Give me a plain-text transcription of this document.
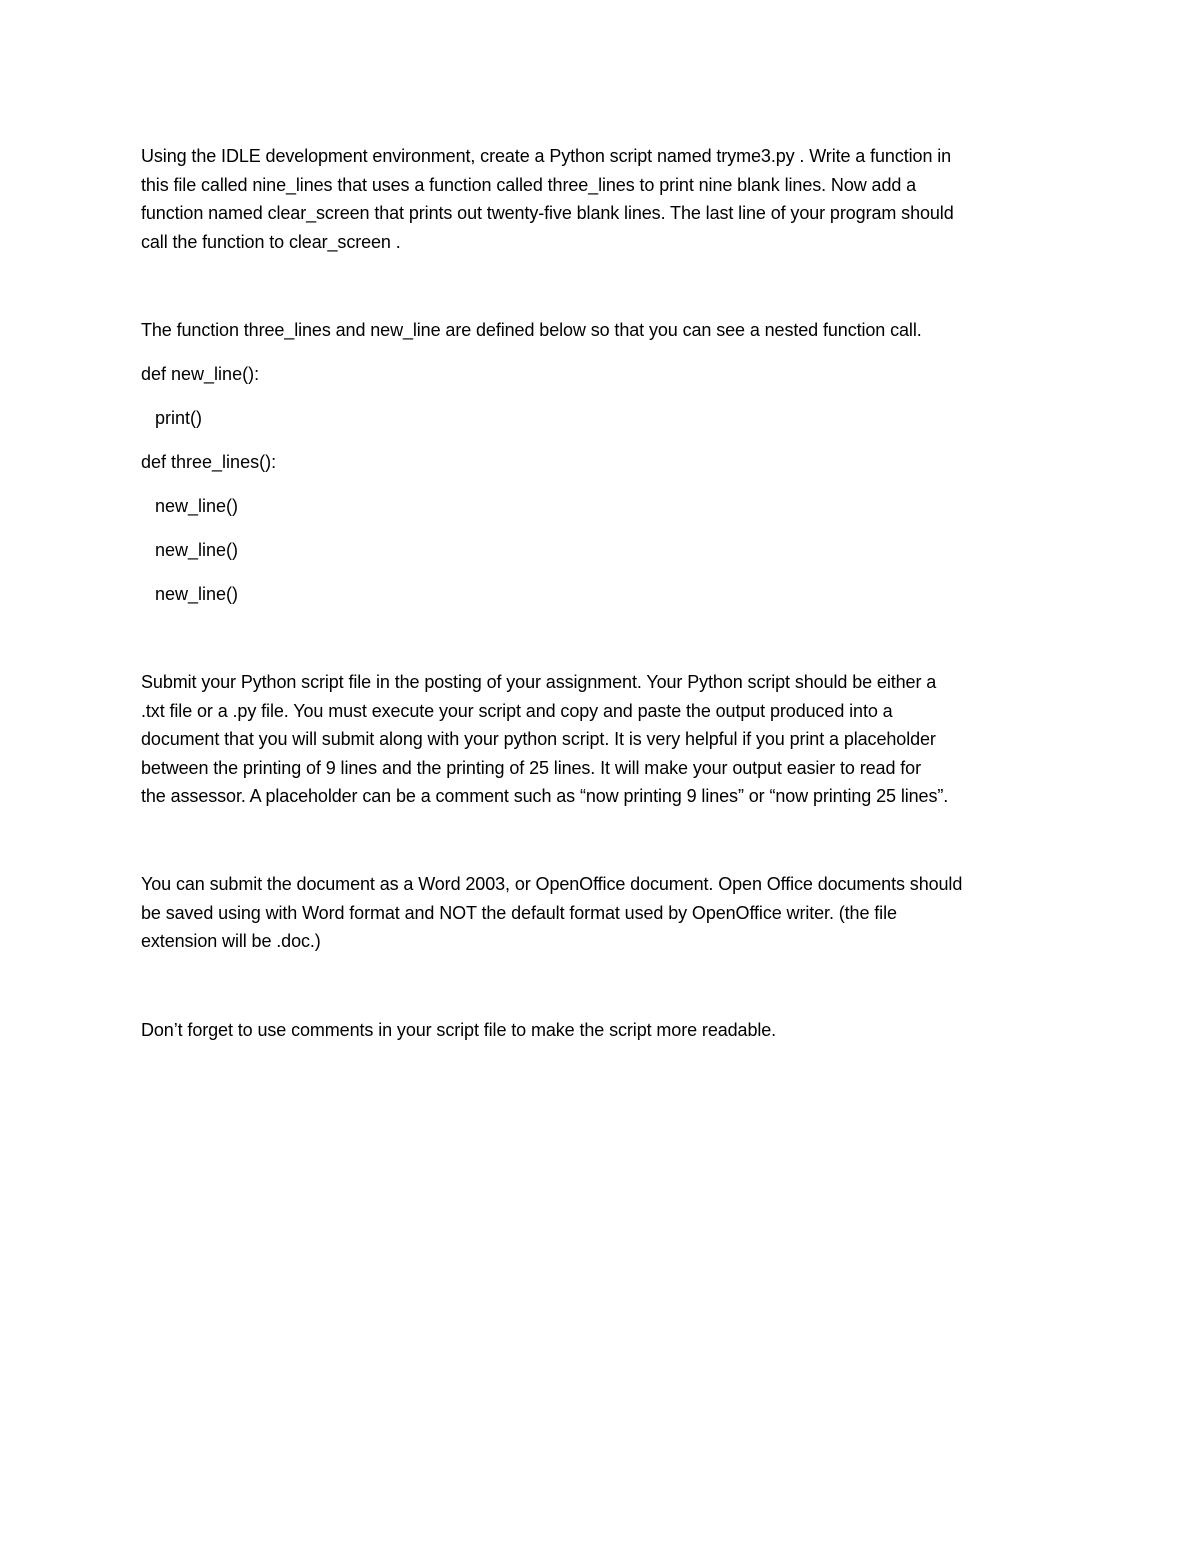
Using the IDLE development environment, create a Python script named tryme3.py . Write a function in
this file called nine_lines that uses a function called three_lines to print nine blank lines. Now add a
function named clear_screen that prints out twenty-five blank lines. The last line of your program should
call the function to clear_screen .

The function three_lines and new_line are defined below so that you can see a nested function call.

def new_line():

print()

def three_lines():

new_line()

new_line()

new_line()

Submit your Python script file in the posting of your assignment. Your Python script should be either a
.txt file or a .py file. You must execute your script and copy and paste the output produced into a
document that you will submit along with your python script. It is very helpful if you print a placeholder
between the printing of 9 lines and the printing of 25 lines. It will make your output easier to read for
the assessor. A placeholder can be a comment such as “now printing 9 lines” or “now printing 25 lines”.

You can submit the document as a Word 2003, or OpenOffice document. Open Office documents should
be saved using with Word format and NOT the default format used by OpenOffice writer. (the file
extension will be .doc.)

Don’t forget to use comments in your script file to make the script more readable.
